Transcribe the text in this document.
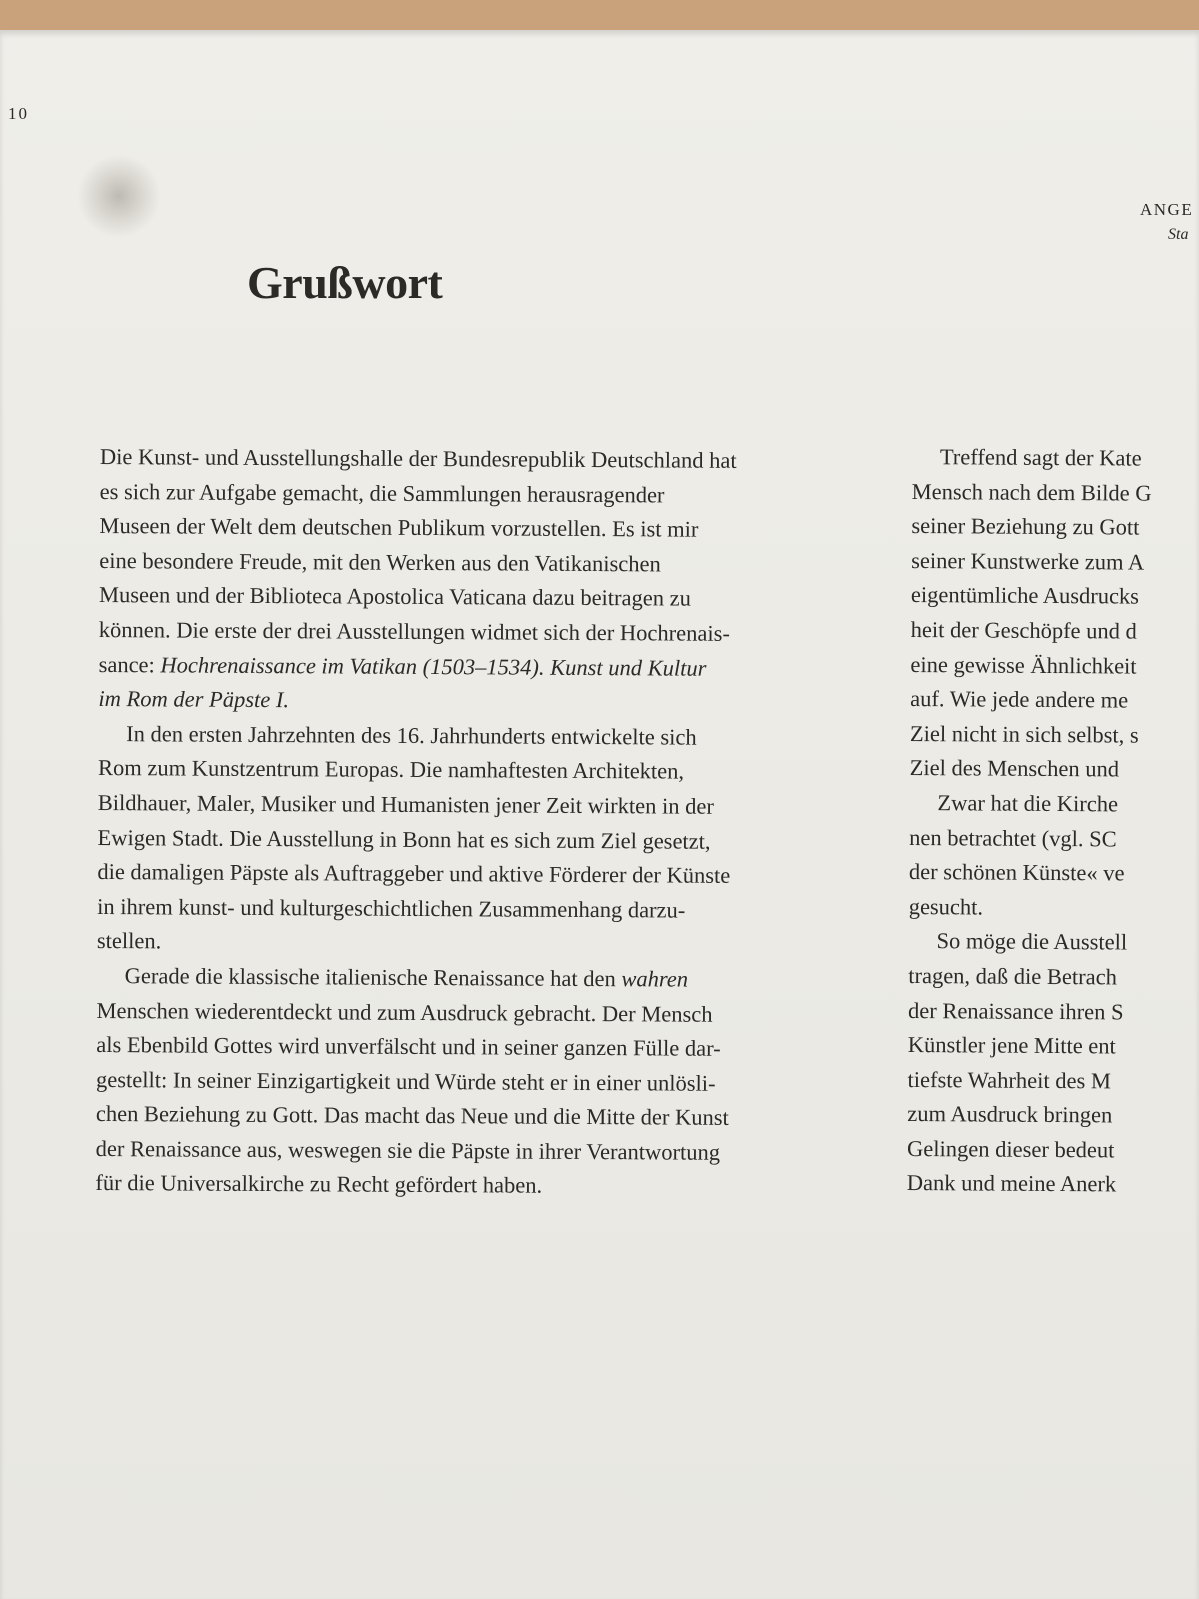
10
ANGE
Sta
Grußwort
Die Kunst- und Ausstellungshalle der Bundesrepublik Deutschland hat
es sich zur Aufgabe gemacht, die Sammlungen herausragender
Museen der Welt dem deutschen Publikum vorzustellen. Es ist mir
eine besondere Freude, mit den Werken aus den Vatikanischen
Museen und der Biblioteca Apostolica Vaticana dazu beitragen zu
können. Die erste der drei Ausstellungen widmet sich der Hochrenais-
sance: Hochrenaissance im Vatikan (1503–1534). Kunst und Kultur
im Rom der Päpste I.
In den ersten Jahrzehnten des 16. Jahrhunderts entwickelte sich
Rom zum Kunstzentrum Europas. Die namhaftesten Architekten,
Bildhauer, Maler, Musiker und Humanisten jener Zeit wirkten in der
Ewigen Stadt. Die Ausstellung in Bonn hat es sich zum Ziel gesetzt,
die damaligen Päpste als Auftraggeber und aktive Förderer der Künste
in ihrem kunst- und kulturgeschichtlichen Zusammenhang darzu-
stellen.
Gerade die klassische italienische Renaissance hat den wahren
Menschen wiederentdeckt und zum Ausdruck gebracht. Der Mensch
als Ebenbild Gottes wird unverfälscht und in seiner ganzen Fülle dar-
gestellt: In seiner Einzigartigkeit und Würde steht er in einer unlösli-
chen Beziehung zu Gott. Das macht das Neue und die Mitte der Kunst
der Renaissance aus, weswegen sie die Päpste in ihrer Verantwortung
für die Universalkirche zu Recht gefördert haben.
Treffend sagt der Kate
Mensch nach dem Bilde G
seiner Beziehung zu Gott
seiner Kunstwerke zum A
eigentümliche Ausdrucks
heit der Geschöpfe und d
eine gewisse Ähnlichkeit
auf. Wie jede andere me
Ziel nicht in sich selbst, s
Ziel des Menschen und
Zwar hat die Kirche
nen betrachtet (vgl. SC
der schönen Künste« ve
gesucht.
So möge die Ausstell
tragen, daß die Betrach
der Renaissance ihren S
Künstler jene Mitte ent
tiefste Wahrheit des M
zum Ausdruck bringen
Gelingen dieser bedeut
Dank und meine Anerk
